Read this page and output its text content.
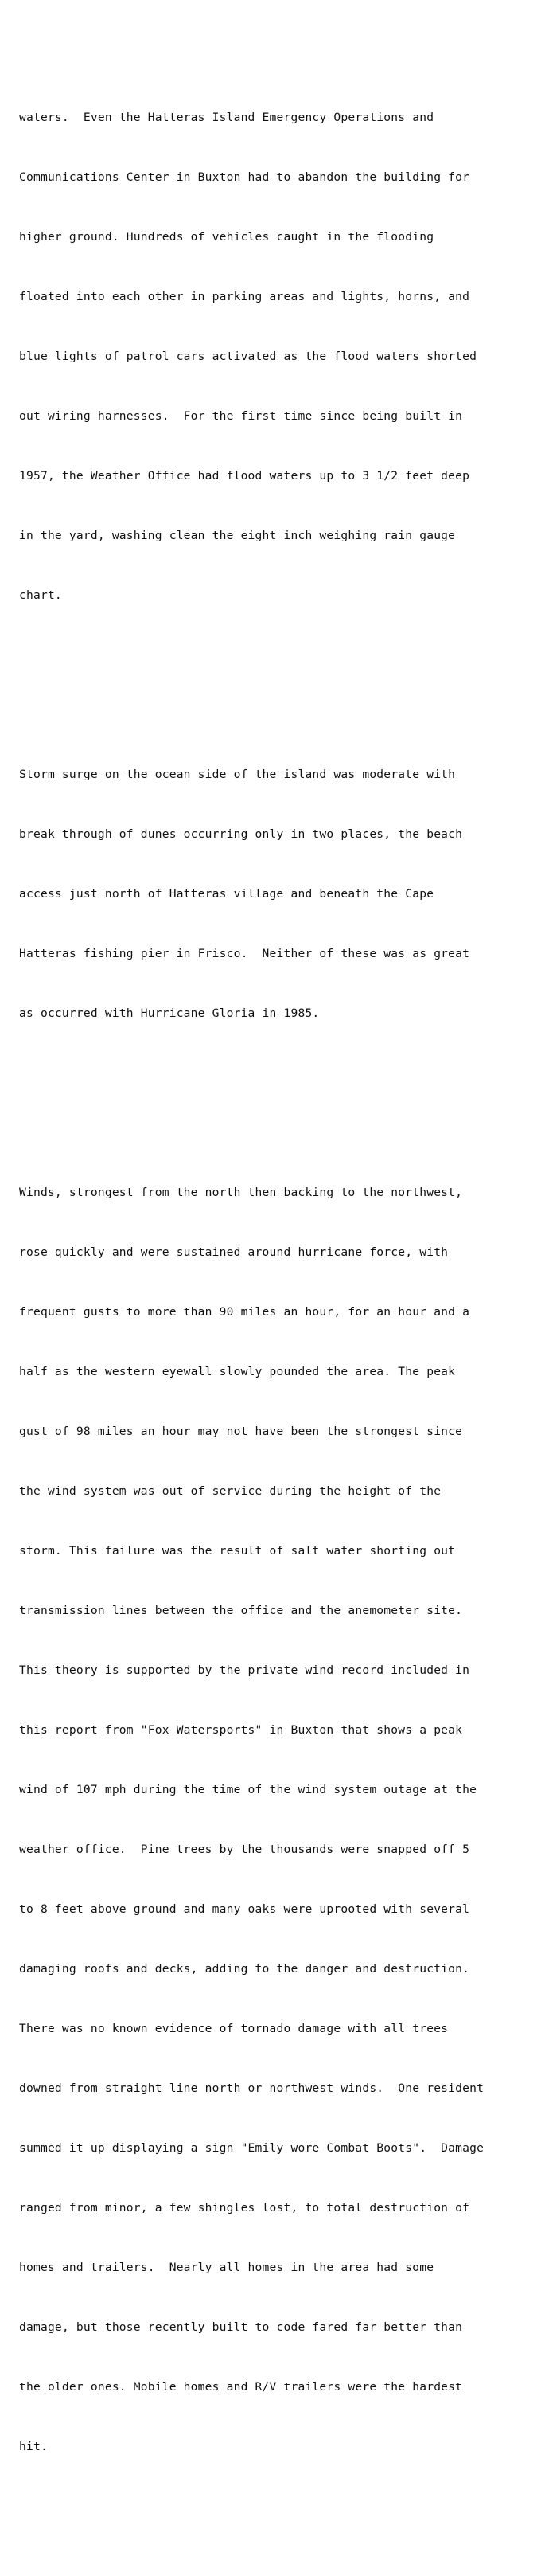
waters.  Even the Hatteras Island Emergency Operations and

Communications Center in Buxton had to abandon the building for

higher ground. Hundreds of vehicles caught in the flooding

floated into each other in parking areas and lights, horns, and

blue lights of patrol cars activated as the flood waters shorted

out wiring harnesses.  For the first time since being built in

1957, the Weather Office had flood waters up to 3 1/2 feet deep

in the yard, washing clean the eight inch weighing rain gauge

chart.

Storm surge on the ocean side of the island was moderate with

break through of dunes occurring only in two places, the beach

access just north of Hatteras village and beneath the Cape

Hatteras fishing pier in Frisco.  Neither of these was as great

as occurred with Hurricane Gloria in 1985.

Winds, strongest from the north then backing to the northwest,

rose quickly and were sustained around hurricane force, with

frequent gusts to more than 90 miles an hour, for an hour and a

half as the western eyewall slowly pounded the area. The peak

gust of 98 miles an hour may not have been the strongest since

the wind system was out of service during the height of the

storm. This failure was the result of salt water shorting out

transmission lines between the office and the anemometer site.

This theory is supported by the private wind record included in

this report from "Fox Watersports" in Buxton that shows a peak

wind of 107 mph during the time of the wind system outage at the

weather office.  Pine trees by the thousands were snapped off 5

to 8 feet above ground and many oaks were uprooted with several

damaging roofs and decks, adding to the danger and destruction.

There was no known evidence of tornado damage with all trees

downed from straight line north or northwest winds.  One resident

summed it up displaying a sign "Emily wore Combat Boots".  Damage

ranged from minor, a few shingles lost, to total destruction of

homes and trailers.  Nearly all homes in the area had some

damage, but those recently built to code fared far better than

the older ones. Mobile homes and R/V trailers were the hardest

hit.
